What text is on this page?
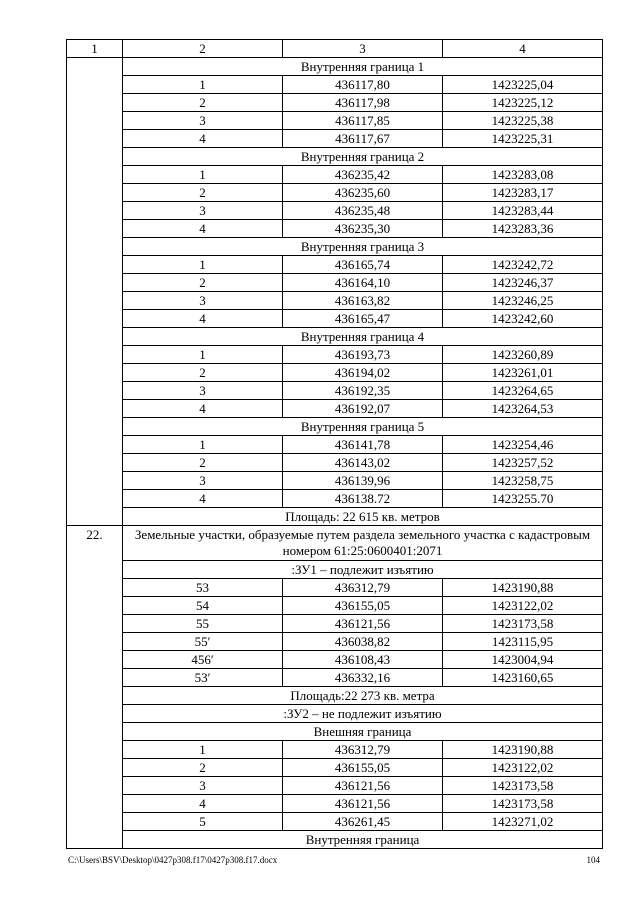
1	2	3	4
	Внутренняя граница 1		
	1	436117,80	1423225,04
	2	436117,98	1423225,12
	3	436117,85	1423225,38
	4	436117,67	1423225,31
	Внутренняя граница 2		
	1	436235,42	1423283,08
	2	436235,60	1423283,17
	3	436235,48	1423283,44
	4	436235,30	1423283,36
	Внутренняя граница 3		
	1	436165,74	1423242,72
	2	436164,10	1423246,37
	3	436163,82	1423246,25
	4	436165,47	1423242,60
	Внутренняя граница 4		
	1	436193,73	1423260,89
	2	436194,02	1423261,01
	3	436192,35	1423264,65
	4	436192,07	1423264,53
	Внутренняя граница 5		
	1	436141,78	1423254,46
	2	436143,02	1423257,52
	3	436139,96	1423258,75
	4	436138.72	1423255.70
	Площадь: 22 615 кв. метров		
22.	Земельные участки, образуемые путем раздела земельного участка с кадастровым номером 61:25:0600401:2071		
	:ЗУ1 – подлежит изъятию		
	53	436312,79	1423190,88
	54	436155,05	1423122,02
	55	436121,56	1423173,58
	55′	436038,82	1423115,95
	456′	436108,43	1423004,94
	53′	436332,16	1423160,65
	Площадь:22 273 кв. метра		
	:ЗУ2 – не подлежит изъятию		
	Внешняя граница		
	1	436312,79	1423190,88
	2	436155,05	1423122,02
	3	436121,56	1423173,58
	4	436121,56	1423173,58
	5	436261,45	1423271,02
	Внутренняя граница		
C:\Users\BSV\Desktop\0427p308.f17\0427p308.f17.docx	104
